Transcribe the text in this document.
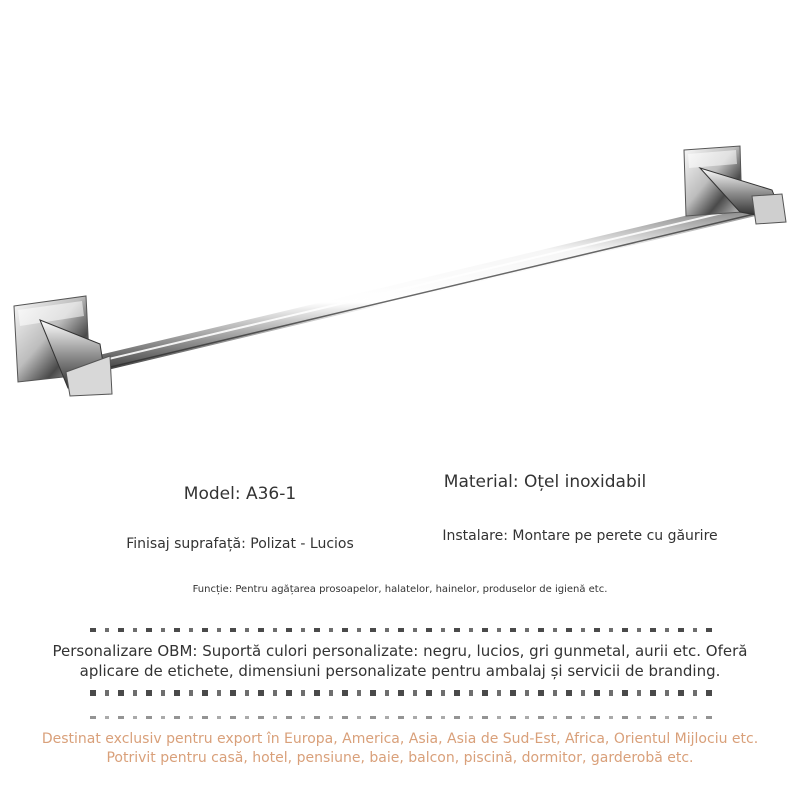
Model: A36-1
Material: Oțel inoxidabil
Finisaj suprafață: Polizat - Lucios	Instalare: Montare pe perete cu găurire
Funcție: Pentru agățarea prosoapelor, halatelor, hainelor, produselor de igienă etc.
Personalizare OBM: Suportă culori personalizate: negru, lucios, gri gunmetal, aurii etc. Oferă aplicare de etichete, dimensiuni personalizate pentru ambalaj și servicii de branding.
Destinat exclusiv pentru export în Europa, America, Asia, Asia de Sud-Est, Africa, Orientul Mijlociu etc. Potrivit pentru casă, hotel, pensiune, baie, balcon, piscină, dormitor, garderobă etc.
